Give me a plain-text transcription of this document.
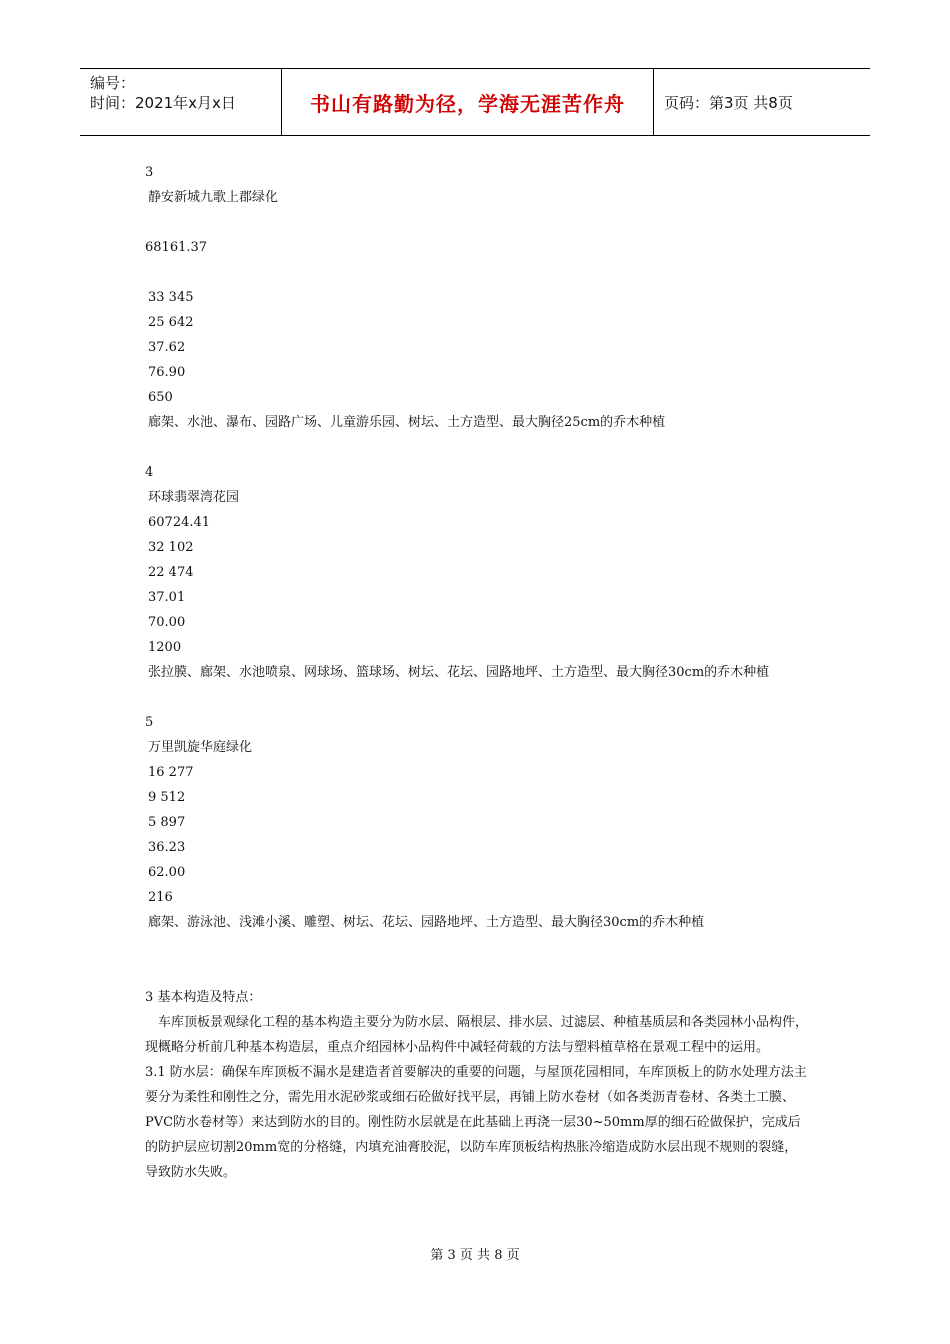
编号：
时间：2021年x月x日	书山有路勤为径，学海无涯苦作舟	页码：第3页 共8页

3

静安新城九歌上郡绿化

68161.37

33 345

25 642

37.62

76.90

650

廊架、水池、瀑布、园路广场、儿童游乐园、树坛、土方造型、最大胸径25cm的乔木种植

4

环球翡翠湾花园

60724.41

32 102

22 474

37.01

70.00

1200

张拉膜、廊架、水池喷泉、网球场、篮球场、树坛、花坛、园路地坪、土方造型、最大胸径30cm的乔木种植

5

万里凯旋华庭绿化

16 277

9 512

5 897

36.23

62.00

216

廊架、游泳池、浅滩小溪、雕塑、树坛、花坛、园路地坪、土方造型、最大胸径30cm的乔木种植

3 基本构造及特点：

车库顶板景观绿化工程的基本构造主要分为防水层、隔根层、排水层、过滤层、种植基质层和各类园林小品构件，现概略分析前几种基本构造层，重点介绍园林小品构件中减轻荷载的方法与塑料植草格在景观工程中的运用。

3.1 防水层：确保车库顶板不漏水是建造者首要解决的重要的问题，与屋顶花园相同，车库顶板上的防水处理方法主要分为柔性和刚性之分，需先用水泥砂浆或细石砼做好找平层，再铺上防水卷材（如各类沥青卷材、各类土工膜、PVC防水卷材等）来达到防水的目的。刚性防水层就是在此基础上再浇一层30~50mm厚的细石砼做保护，完成后的防护层应切割20mm宽的分格缝，内填充油膏胶泥，以防车库顶板结构热胀冷缩造成防水层出现不规则的裂缝，导致防水失败。

第 3 页 共 8 页
